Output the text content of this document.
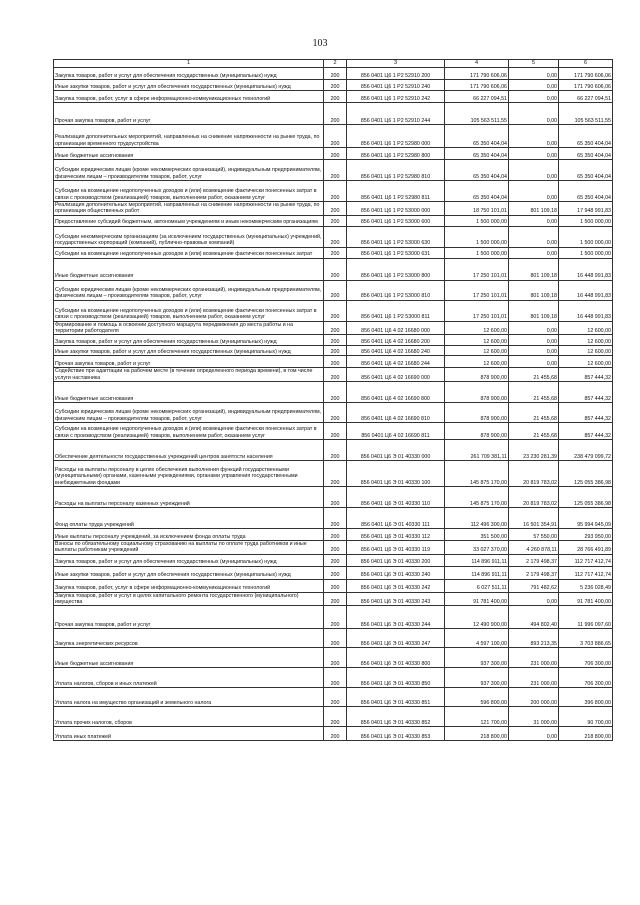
103
1	2	3	4	5	6
Закупка товаров, работ и услуг для обеспечения государственных (муниципальных) нужд	200	856 0401 Ц6 1 Р2 52910 200	171 790 606,06	0,00	171 790 606,06
Иные закупки товаров, работ и услуг для обеспечения государственных (муниципальных) нужд	200	856 0401 Ц6 1 Р2 52910 240	171 790 606,06	0,00	171 790 606,06
Закупка товаров, работ, услуг в сфере информационно-коммуникационных технологий	200	856 0401 Ц6 1 Р2 52910 242	66 227 094,51	0,00	66 227 094,51
Прочая закупка товаров, работ и услуг	200	856 0401 Ц6 1 Р2 52910 244	105 563 511,55	0,00	105 563 511,55
Реализация дополнительных мероприятий, направленных на снижение напряженности на рынке труда, по организации временного трудоустройства	200	856 0401 Ц6 1 Р2 52980 000	65 350 404,04	0,00	65 350 404,04
Иные бюджетные ассигнования	200	856 0401 Ц6 1 Р2 52980 800	65 350 404,04	0,00	65 350 404,04
Субсидии юридическим лицам (кроме некоммерческих организаций), индивидуальным предпринимателям, физическим лицам – производителям товаров, работ, услуг	200	856 0401 Ц6 1 Р2 52980 810	65 350 404,04	0,00	65 350 404,04
Субсидии на возмещение недополученных доходов и (или) возмещение фактически понесенных затрат в связи с производством (реализацией) товаров, выполнением работ, оказанием услуг	200	856 0401 Ц6 1 Р2 52980 811	65 350 404,04	0,00	65 350 404,04
Реализация дополнительных мероприятий, направленных на снижение напряженности на рынке труда, по организации общественных работ	200	856 0401 Ц6 1 Р2 53000 000	18 750 101,01	801 109,18	17 948 991,83
Предоставление субсидий бюджетным, автономным учреждениям и иным некоммерческим организациям	200	856 0401 Ц6 1 Р2 53000 600	1 500 000,00	0,00	1 500 000,00
Субсидии некоммерческим организациям (за исключением государственных (муниципальных) учреждений, государственных корпораций (компаний), публично-правовых компаний)	200	856 0401 Ц6 1 Р2 53000 630	1 500 000,00	0,00	1 500 000,00
Субсидии на возмещение недополученных доходов и (или) возмещение фактически понесенных затрат	200	856 0401 Ц6 1 Р2 53000 631	1 500 000,00	0,00	1 500 000,00
Иные бюджетные ассигнования	200	856 0401 Ц6 1 Р2 53000 800	17 250 101,01	801 109,18	16 448 991,83
Субсидии юридическим лицам (кроме некоммерческих организаций), индивидуальным предпринимателям, физическим лицам – производителям товаров, работ, услуг	200	856 0401 Ц6 1 Р2 53000 810	17 250 101,01	801 109,18	16 448 991,83
Субсидии на возмещение недополученных доходов и (или) возмещение фактически понесенных затрат в связи с производством (реализацией) товаров, выполнением работ, оказанием услуг	200	856 0401 Ц6 1 Р2 53000 811	17 250 101,01	801 109,18	16 448 991,83
Формирование и помощь в освоении доступного маршрута передвижения до места работы и на территории работодателя	200	856 0401 Ц6 4 02 16680 000	12 600,00	0,00	12 600,00
Закупка товаров, работ и услуг для обеспечения государственных (муниципальных) нужд	200	856 0401 Ц6 4 02 16680 200	12 600,00	0,00	12 600,00
Иные закупки товаров, работ и услуг для обеспечения государственных (муниципальных) нужд	200	856 0401 Ц6 4 02 16680 240	12 600,00	0,00	12 600,00
Прочая закупка товаров, работ и услуг	200	856 0401 Ц6 4 02 16680 244	12 600,00	0,00	12 600,00
Содействие при адаптации на рабочем месте (в течение определенного периода времени), в том числе услуги наставника	200	856 0401 Ц6 4 02 16690 000	878 900,00	21 455,68	857 444,32
Иные бюджетные ассигнования	200	856 0401 Ц6 4 02 16690 800	878 900,00	21 455,68	857 444,32
Субсидии юридическим лицам (кроме некоммерческих организаций), индивидуальным предпринимателям, физическим лицам – производителям товаров, работ, услуг	200	856 0401 Ц6 4 02 16690 810	878 900,00	21 455,68	857 444,32
Субсидии на возмещение недополученных доходов и (или) возмещение фактически понесенных затрат в связи с производством (реализацией) товаров, выполнением работ, оказанием услуг	200	856 0401 Ц6 4 02 16690 811	878 900,00	21 455,68	857 444,32
Обеспечение деятельности государственных учреждений центров занятости населения	200	856 0401 Ц6 Э 01 40330 000	261 709 381,11	23 230 281,39	238 479 099,72
Расходы на выплаты персоналу в целях обеспечения выполнения функций государственными (муниципальными) органами, казенными учреждениями, органами управления государственными внебюджетными фондами	200	856 0401 Ц6 Э 01 40330 100	145 875 170,00	20 819 783,02	125 055 386,98
Расходы на выплаты персоналу казенных учреждений	200	856 0401 Ц6 Э 01 40330 110	145 875 170,00	20 819 783,02	125 055 386,98
Фонд оплаты труда учреждений	200	856 0401 Ц6 Э 01 40330 111	112 496 300,00	16 501 354,91	95 994 945,09
Иные выплаты персоналу учреждений, за исключением фонда оплаты труда	200	856 0401 Ц6 Э 01 40330 112	351 500,00	57 550,00	293 950,00
Взносы по обязательному социальному страхованию на выплаты по оплате труда работников и иные выплаты работникам учреждений	200	856 0401 Ц6 Э 01 40330 119	33 027 370,00	4 260 878,11	28 766 491,89
Закупка товаров, работ и услуг для обеспечения государственных (муниципальных) нужд	200	856 0401 Ц6 Э 01 40330 200	114 896 911,11	2 179 498,37	112 717 412,74
Иные закупки товаров, работ и услуг для обеспечения государственных (муниципальных) нужд	200	856 0401 Ц6 Э 01 40330 240	114 896 911,11	2 179 498,37	112 717 412,74
Закупка товаров, работ, услуг в сфере информационно-коммуникационных технологий	200	856 0401 Ц6 Э 01 40330 242	6 027 511,11	791 482,62	5 236 028,49
Закупка товаров, работ и услуг в целях капитального ремонта государственного (муниципального) имущества	200	856 0401 Ц6 Э 01 40330 243	91 781 400,00	0,00	91 781 400,00
Прочая закупка товаров, работ и услуг	200	856 0401 Ц6 Э 01 40330 244	12 490 900,00	494 802,40	11 996 097,60
Закупка энергетических ресурсов	200	856 0401 Ц6 Э 01 40330 247	4 597 100,00	893 213,35	3 703 886,65
Иные бюджетные ассигнования	200	856 0401 Ц6 Э 01 40330 800	937 300,00	231 000,00	706 300,00
Уплата налогов, сборов и иных платежей	200	856 0401 Ц6 Э 01 40330 850	937 300,00	231 000,00	706 300,00
Уплата налога на имущество организаций и земельного налога	200	856 0401 Ц6 Э 01 40330 851	596 800,00	200 000,00	396 800,00
Уплата прочих налогов, сборов	200	856 0401 Ц6 Э 01 40330 852	121 700,00	31 000,00	90 700,00
Уплата иных платежей	200	856 0401 Ц6 Э 01 40330 853	218 800,00	0,00	218 800,00
